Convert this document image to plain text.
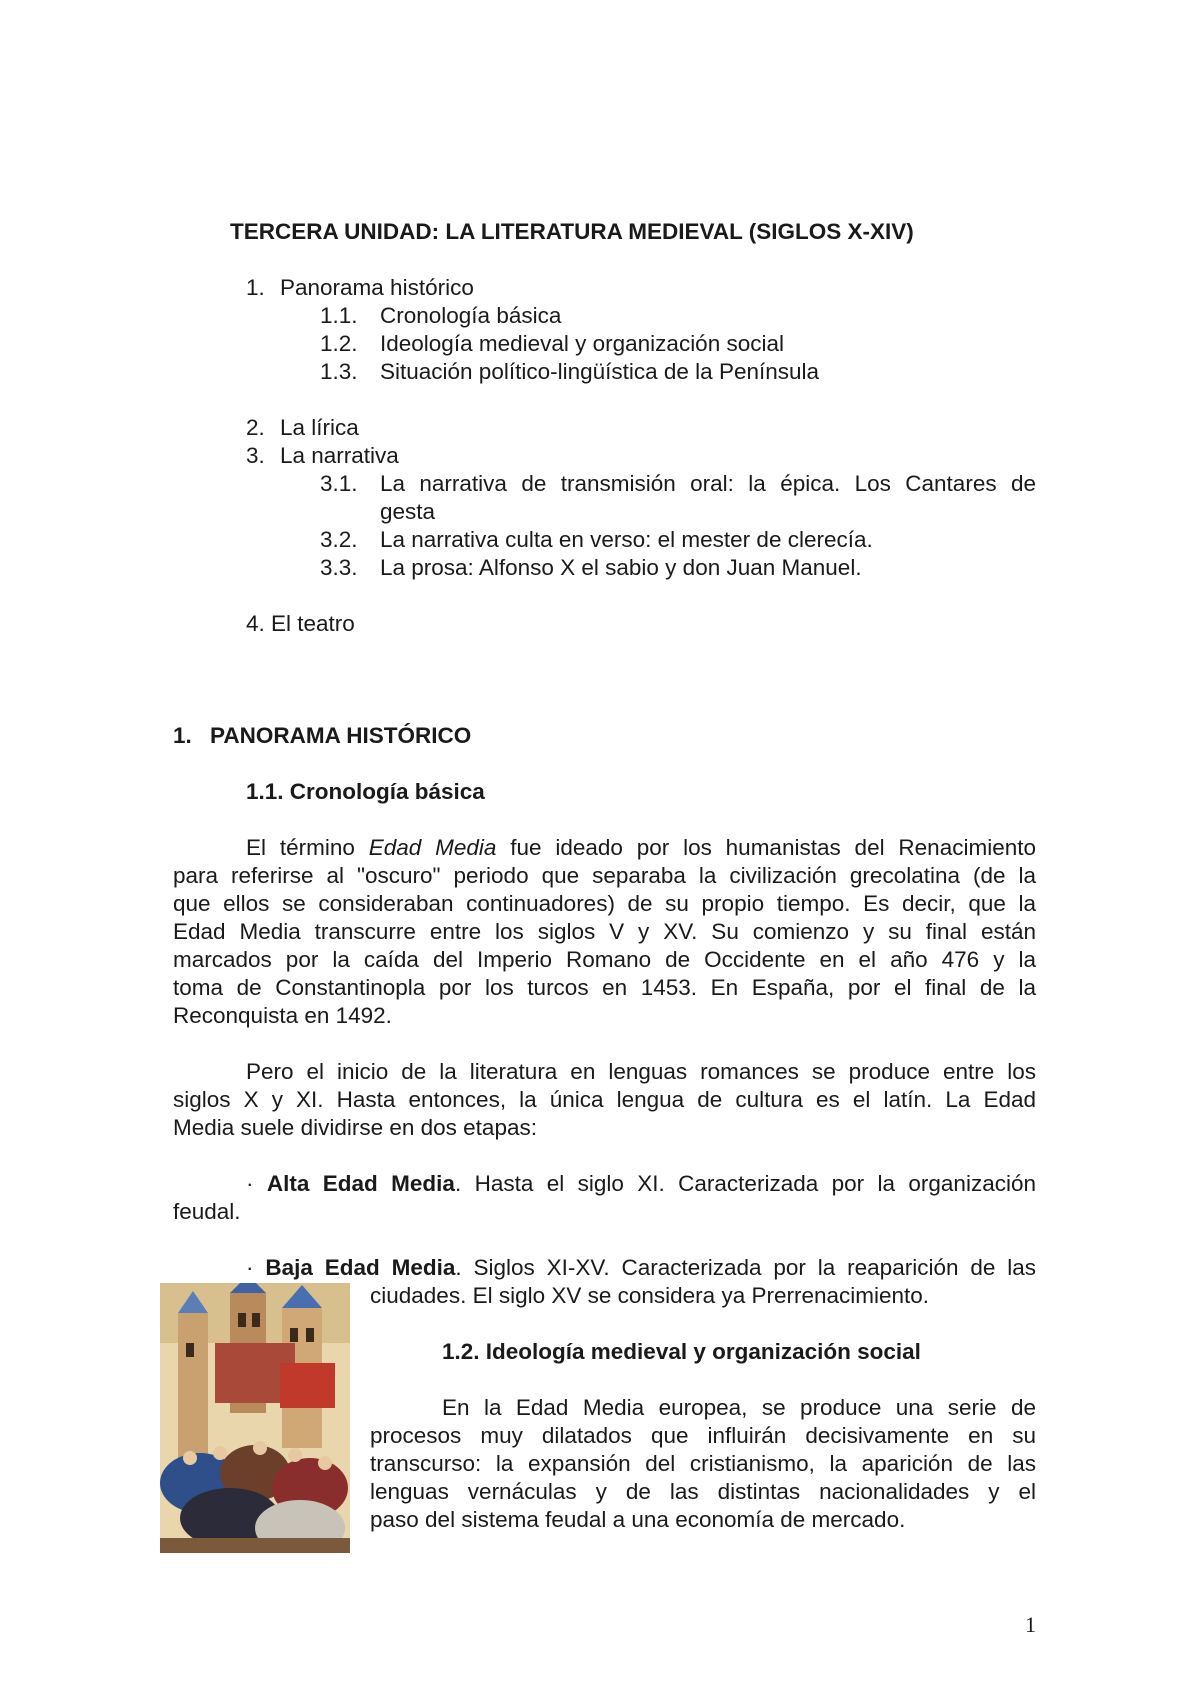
TERCERA UNIDAD: LA LITERATURA MEDIEVAL (SIGLOS X-XIV)
1. Panorama histórico
1.1. Cronología básica
1.2. Ideología medieval y organización social
1.3. Situación político-lingüística de la Península
2. La lírica
3. La narrativa
3.1. La narrativa de transmisión oral: la épica. Los Cantares de
gesta
3.2. La narrativa culta en verso: el mester de clerecía.
3.3. La prosa: Alfonso X el sabio y don Juan Manuel.
4. El teatro
1. PANORAMA HISTÓRICO
1.1. Cronología básica
El término Edad Media fue ideado por los humanistas del Renacimiento
para referirse al "oscuro" periodo que separaba la civilización grecolatina (de la
que ellos se consideraban continuadores) de su propio tiempo. Es decir, que la
Edad Media transcurre entre los siglos V y XV. Su comienzo y su final están
marcados por la caída del Imperio Romano de Occidente en el año 476 y la
toma de Constantinopla por los turcos en 1453. En España, por el final de la
Reconquista en 1492.
Pero el inicio de la literatura en lenguas romances se produce entre los
siglos X y XI. Hasta entonces, la única lengua de cultura es el latín. La Edad
Media suele dividirse en dos etapas:
· Alta Edad Media. Hasta el siglo XI. Caracterizada por la organización
feudal.
· Baja Edad Media. Siglos XI-XV. Caracterizada por la reaparición de las
ciudades. El siglo XV se considera ya Prerrenacimiento.
1.2. Ideología medieval y organización social
En la Edad Media europea, se produce una serie de
procesos muy dilatados que influirán decisivamente en su
transcurso: la expansión del cristianismo, la aparición de las
lenguas vernáculas y de las distintas nacionalidades y el
paso del sistema feudal a una economía de mercado.
1
